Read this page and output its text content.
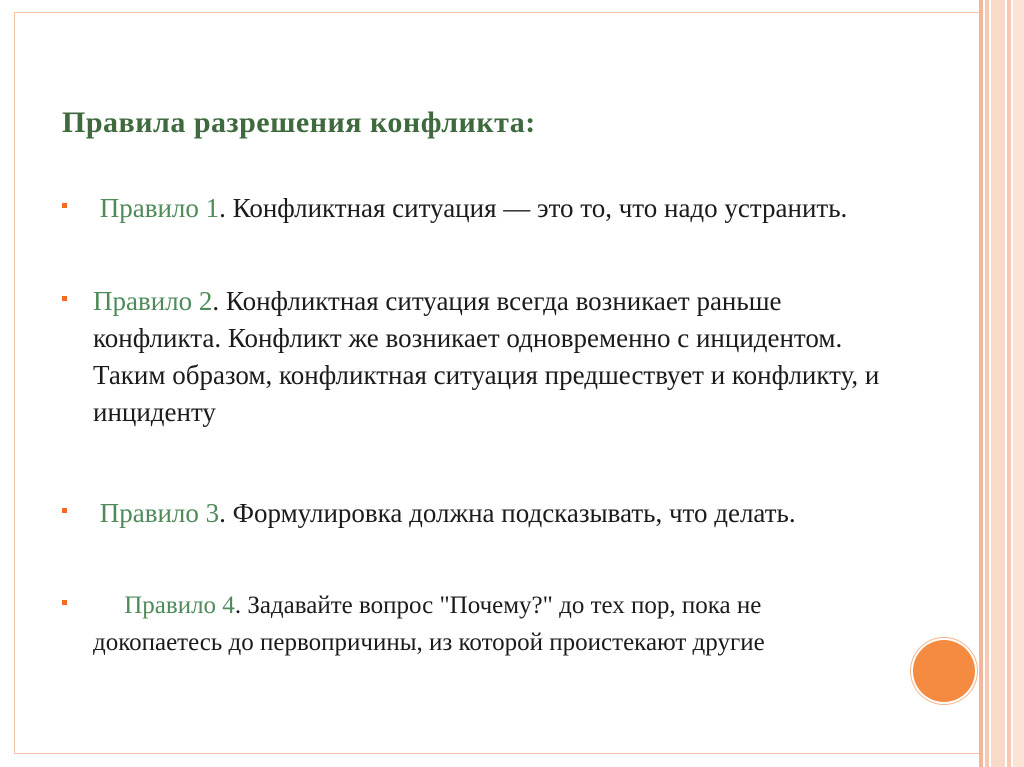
Правила разрешения конфликта:
Правило 1. Конфликтная ситуация — это то, что надо устранить.
Правило 2. Конфликтная ситуация всегда возникает раньше конфликта. Конфликт же возникает одновременно с инцидентом. Таким образом, конфликтная ситуация предшествует и конфликту, и инциденту
Правило 3. Формулировка должна подсказывать, что делать.
Правило 4. Задавайте вопрос "Почему?" до тех пор, пока не докопаетесь до первопричины, из которой проистекают другие
